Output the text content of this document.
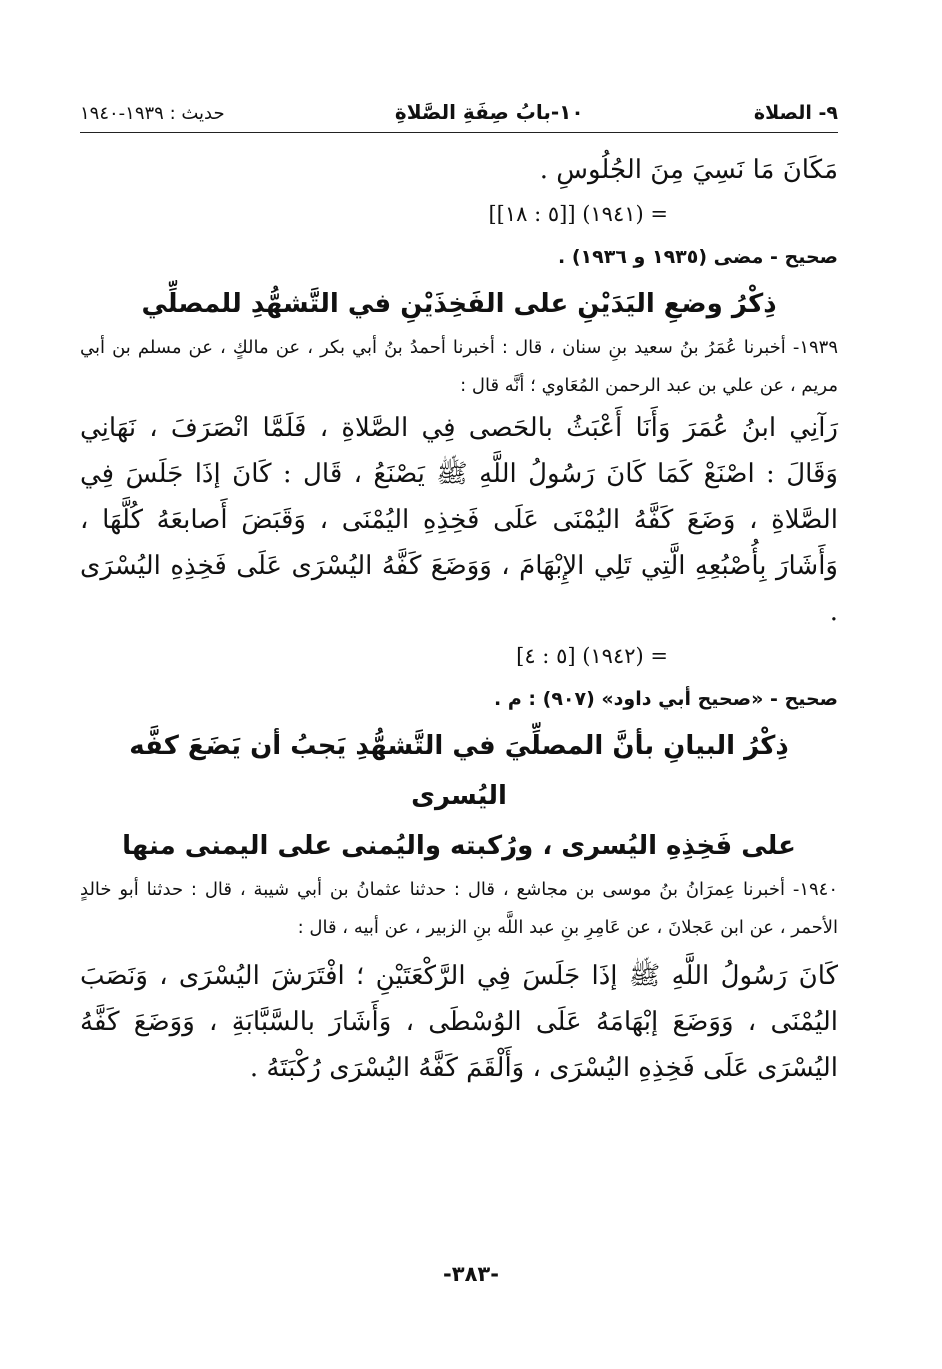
٩- الصلاة
١٠-بابُ صِفَةِ الصَّلاةِ
حديث : ١٩٣٩-١٩٤٠
مَكَانَ مَا نَسِيَ مِنَ الجُلُوسِ .
= (١٩٤١) [[٥ : ١٨]]
صحيح - مضى (١٩٣٥ و ١٩٣٦) .
ذِكْرُ وضعِ اليَدَيْنِ على الفَخِذَيْنِ في التَّشهُّدِ للمصلِّي
١٩٣٩- أخبرنا عُمَرُ بنُ سعيد بنِ سنان ، قال : أخبرنا أحمدُ بنُ أبي بكر ، عن مالكٍ ، عن مسلم بن أبي مريم ، عن علي بن عبد الرحمن المُعَاوي ؛ أنَّه قال :
رَآنِي ابنُ عُمَرَ وَأَنَا أَعْبَثُ بالحَصى فِي الصَّلاةِ ، فَلَمَّا انْصَرَفَ ، نَهَانِي وَقَالَ : اصْنَعْ كَمَا كَانَ رَسُولُ اللَّهِ ﷺ يَصْنَعُ ، قَال : كَانَ إذَا جَلَسَ فِي الصَّلاةِ ، وَضَعَ كَفَّهُ اليُمْنَى عَلَى فَخِذِهِ اليُمْنَى ، وَقَبَضَ أَصابعَهُ كُلَّهَا ، وَأَشَارَ بِأُصْبُعِهِ الَّتِي تَلِي الإِبْهَامَ ، وَوَضَعَ كَفَّهُ اليُسْرَى عَلَى فَخِذِهِ اليُسْرَى .
= (١٩٤٢) [٥ : ٤]
صحيح - «صحيح أبي داود» (٩٠٧) : م .
ذِكْرُ البيانِ بأنَّ المصلِّيَ في التَّشهُّدِ يَجبُ أن يَضَعَ كفَّه اليُسرى
على فَخِذِهِ اليُسرى ، ورُكبته واليُمنى على اليمنى منها
١٩٤٠- أخبرنا عِمرَانُ بنُ موسى بن مجاشع ، قال : حدثنا عثمانُ بن أبي شيبة ، قال : حدثنا أبو خالدٍ الأحمر ، عن ابن عَجلانَ ، عن عَامِرِ بنِ عبد اللَّه بنِ الزبير ، عن أبيه ، قال :
كَانَ رَسُولُ اللَّهِ ﷺ إذَا جَلَسَ فِي الرَّكْعَتَيْنِ ؛ افْتَرَشَ اليُسْرَى ، وَنَصَبَ اليُمْنَى ، وَوَضَعَ إبْهَامَهُ عَلَى الوُسْطَى ، وَأَشَارَ بالسَّبَّابَةِ ، وَوَضَعَ كَفَّهُ اليُسْرَى عَلَى فَخِذِهِ اليُسْرَى ، وَأَلْقَمَ كَفَّهُ اليُسْرَى رُكْبَتَهُ .
-٣٨٣-
